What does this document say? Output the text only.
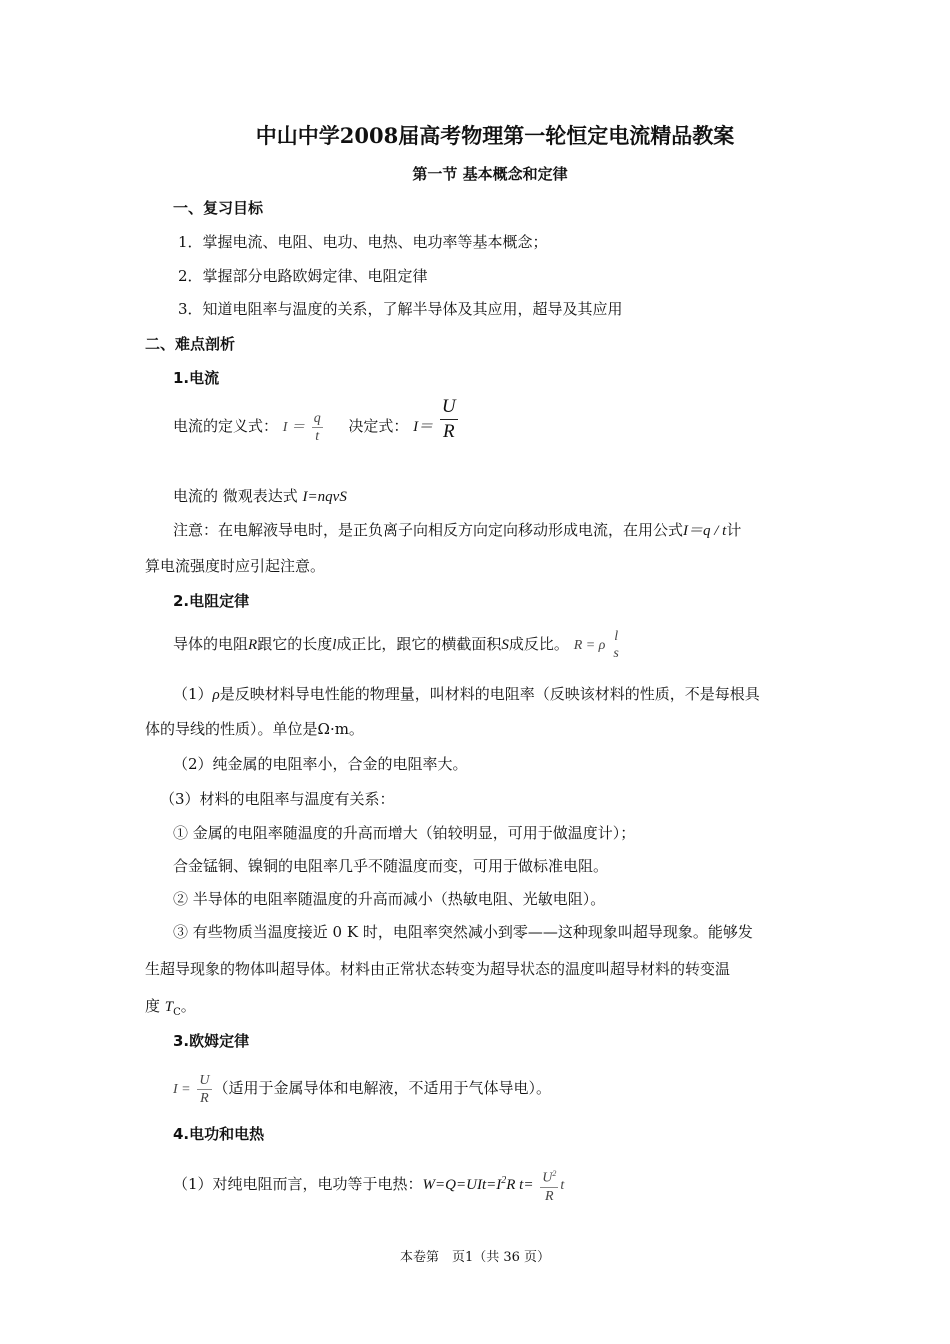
中山中学2008届高考物理第一轮恒定电流精品教案
第一节 基本概念和定律
一、复习目标
1．掌握电流、电阻、电功、电热、电功率等基本概念；
2．掌握部分电路欧姆定律、电阻定律
3．知道电阻率与温度的关系，了解半导体及其应用，超导及其应用
二、难点剖析
1.电流
电流的定义式： $I = \frac{q}{t}$ 决定式： $I= \frac{U}{R}$
电流的 微观表达式 I=nqvS
注意：在电解液导电时，是正负离子向相反方向定向移动形成电流，在用公式I＝q / t计
算电流强度时应引起注意。
2.电阻定律
导体的电阻R跟它的长度l成正比，跟它的横截面积S成反比。 R = ρ
l
s
（1）ρ是反映材料导电性能的物理量，叫材料的电阻率（反映该材料的性质，不是每根具
体的导线的性质）。单位是Ω·m。
（2）纯金属的电阻率小，合金的电阻率大。
（3）材料的电阻率与温度有关系：
① 金属的电阻率随温度的升高而增大（铂较明显，可用于做温度计）；
合金锰铜、镍铜的电阻率几乎不随温度而变，可用于做标准电阻。
② 半导体的电阻率随温度的升高而减小（热敏电阻、光敏电阻）。
③ 有些物质当温度接近 0 K 时，电阻率突然减小到零——这种现象叫超导现象。能够发
生超导现象的物体叫超导体。材料由正常状态转变为超导状态的温度叫超导材料的转变温
度 $T_C$。
3.欧姆定律
$I = \frac{U}{R}$ （适用于金属导体和电解液，不适用于气体导电）。
4.电功和电热
（1）对纯电阻而言，电功等于电热：$W=Q=UIt=I^2R$ $t= \frac{U^2}{R}$ t
本卷第　页1（共 36 页）
